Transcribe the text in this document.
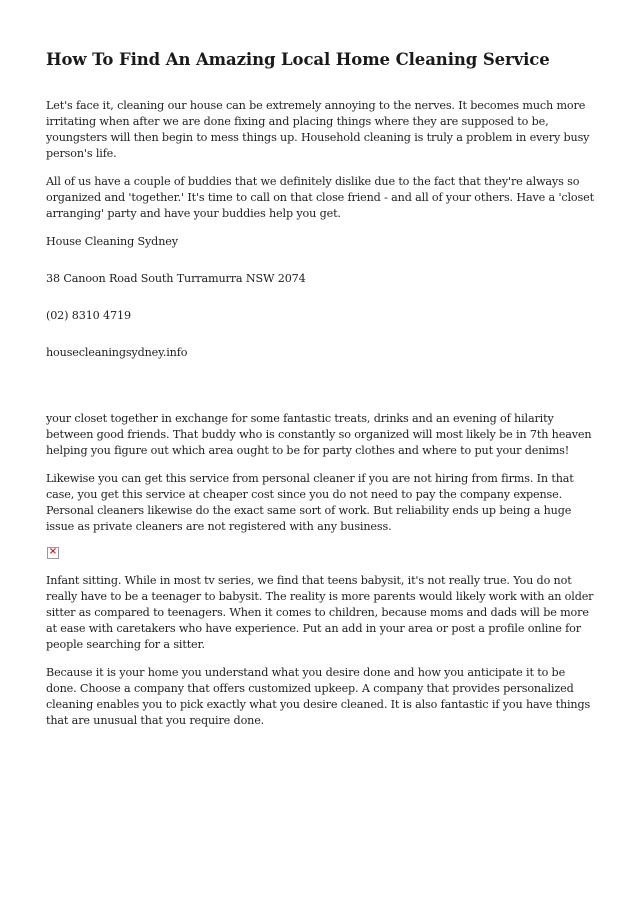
How To Find An Amazing Local Home Cleaning Service

Let's face it, cleaning our house can be extremely annoying to the nerves. It becomes much more irritating when after we are done fixing and placing things where they are supposed to be, youngsters will then begin to mess things up. Household cleaning is truly a problem in every busy person's life.

All of us have a couple of buddies that we definitely dislike due to the fact that they're always so organized and 'together.' It's time to call on that close friend - and all of your others. Have a 'closet arranging' party and have your buddies help you get.

House Cleaning Sydney

38 Canoon Road South Turramurra NSW 2074

(02) 8310 4719

housecleaningsydney.info

your closet together in exchange for some fantastic treats, drinks and an evening of hilarity between good friends. That buddy who is constantly so organized will most likely be in 7th heaven helping you figure out which area ought to be for party clothes and where to put your denims!

Likewise you can get this service from personal cleaner if you are not hiring from firms. In that case, you get this service at cheaper cost since you do not need to pay the company expense. Personal cleaners likewise do the exact same sort of work. But reliability ends up being a huge issue as private cleaners are not registered with any business.

×

Infant sitting. While in most tv series, we find that teens babysit, it's not really true. You do not really have to be a teenager to babysit. The reality is more parents would likely work with an older sitter as compared to teenagers. When it comes to children, because moms and dads will be more at ease with caretakers who have experience. Put an add in your area or post a profile online for people searching for a sitter.

Because it is your home you understand what you desire done and how you anticipate it to be done. Choose a company that offers customized upkeep. A company that provides personalized cleaning enables you to pick exactly what you desire cleaned. It is also fantastic if you have things that are unusual that you require done.
